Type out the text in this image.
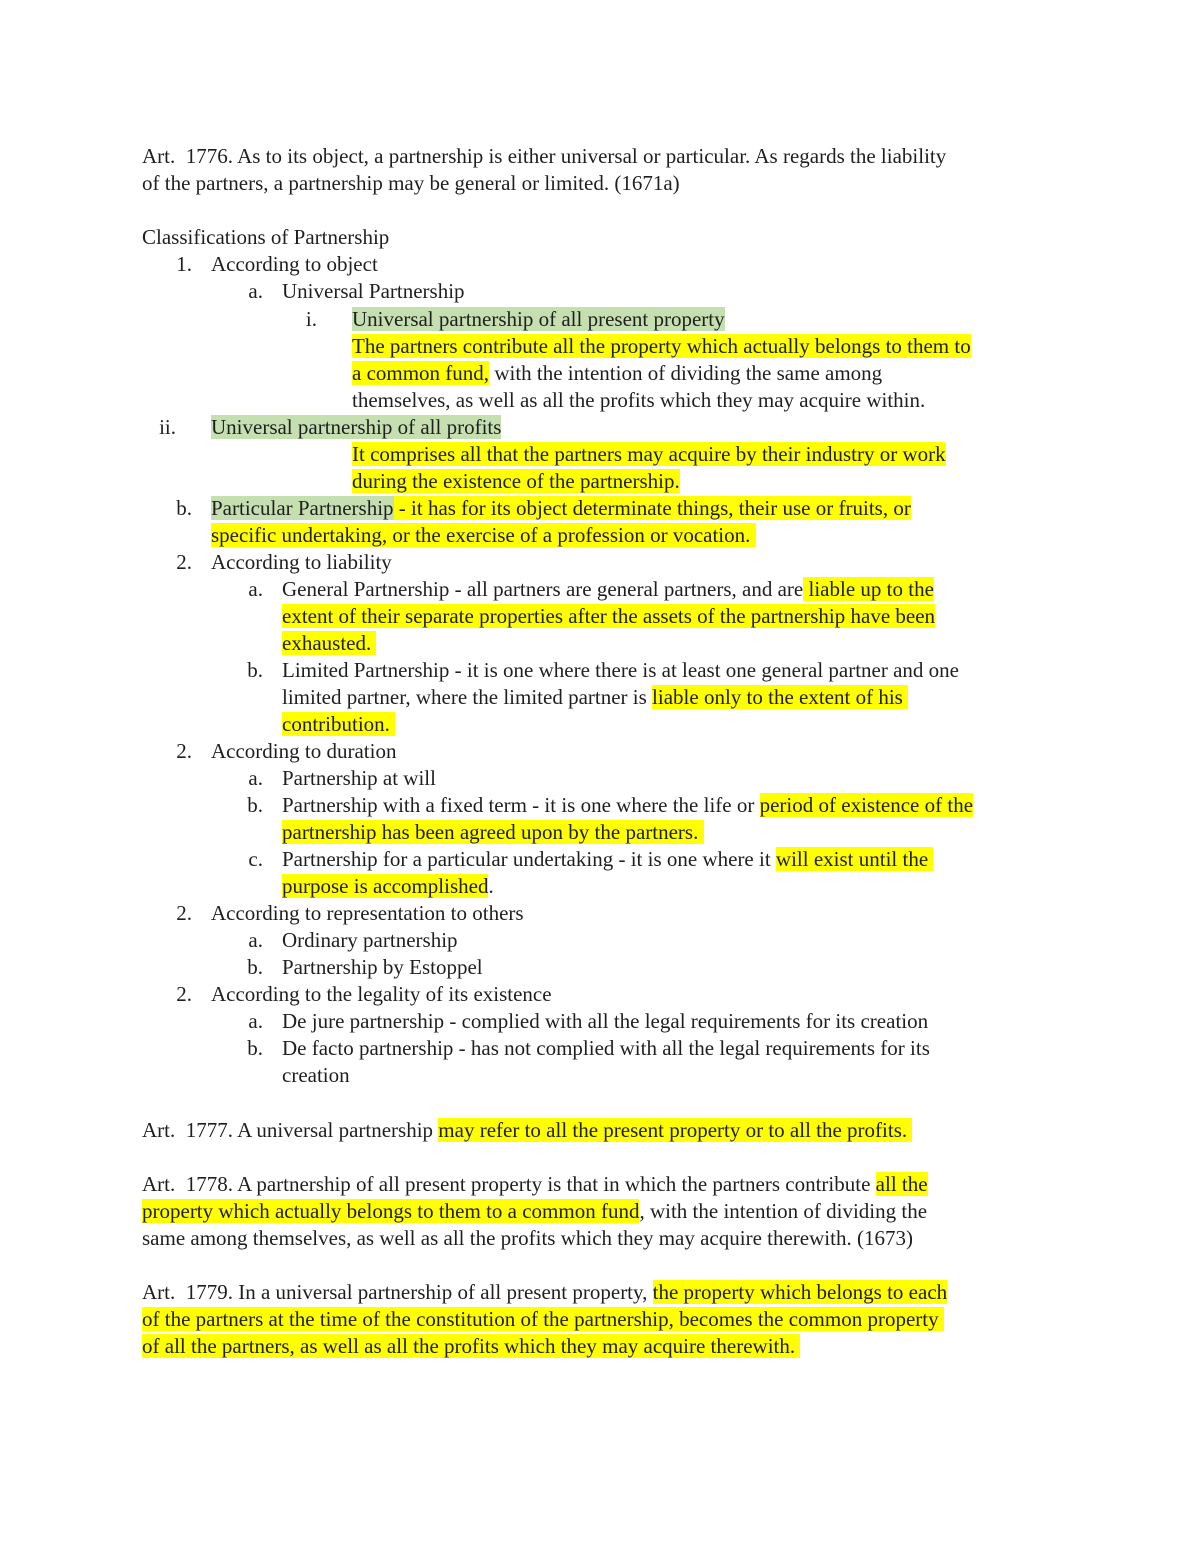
Art.  1776. As to its object, a partnership is either universal or particular. As regards the liability
of the partners, a partnership may be general or limited. (1671a)
Classifications of Partnership
1. According to object
a. Universal Partnership
i. Universal partnership of all present property
The partners contribute all the property which actually belongs to them to
a common fund, with the intention of dividing the same among
themselves, as well as all the profits which they may acquire within.
ii. Universal partnership of all profits
It comprises all that the partners may acquire by their industry or work
during the existence of the partnership.
b. Particular Partnership - it has for its object determinate things, their use or fruits, or
specific undertaking, or the exercise of a profession or vocation.
2. According to liability
a. General Partnership - all partners are general partners, and are liable up to the
extent of their separate properties after the assets of the partnership have been
exhausted.
b. Limited Partnership - it is one where there is at least one general partner and one
limited partner, where the limited partner is liable only to the extent of his
contribution.
2. According to duration
a. Partnership at will
b. Partnership with a fixed term - it is one where the life or period of existence of the
partnership has been agreed upon by the partners.
c. Partnership for a particular undertaking - it is one where it will exist until the
purpose is accomplished.
2. According to representation to others
a. Ordinary partnership
b. Partnership by Estoppel
2. According to the legality of its existence
a. De jure partnership - complied with all the legal requirements for its creation
b. De facto partnership - has not complied with all the legal requirements for its
creation
Art.  1777. A universal partnership may refer to all the present property or to all the profits.
Art.  1778. A partnership of all present property is that in which the partners contribute all the
property which actually belongs to them to a common fund, with the intention of dividing the
same among themselves, as well as all the profits which they may acquire therewith. (1673)
Art.  1779. In a universal partnership of all present property, the property which belongs to each
of the partners at the time of the constitution of the partnership, becomes the common property
of all the partners, as well as all the profits which they may acquire therewith.
